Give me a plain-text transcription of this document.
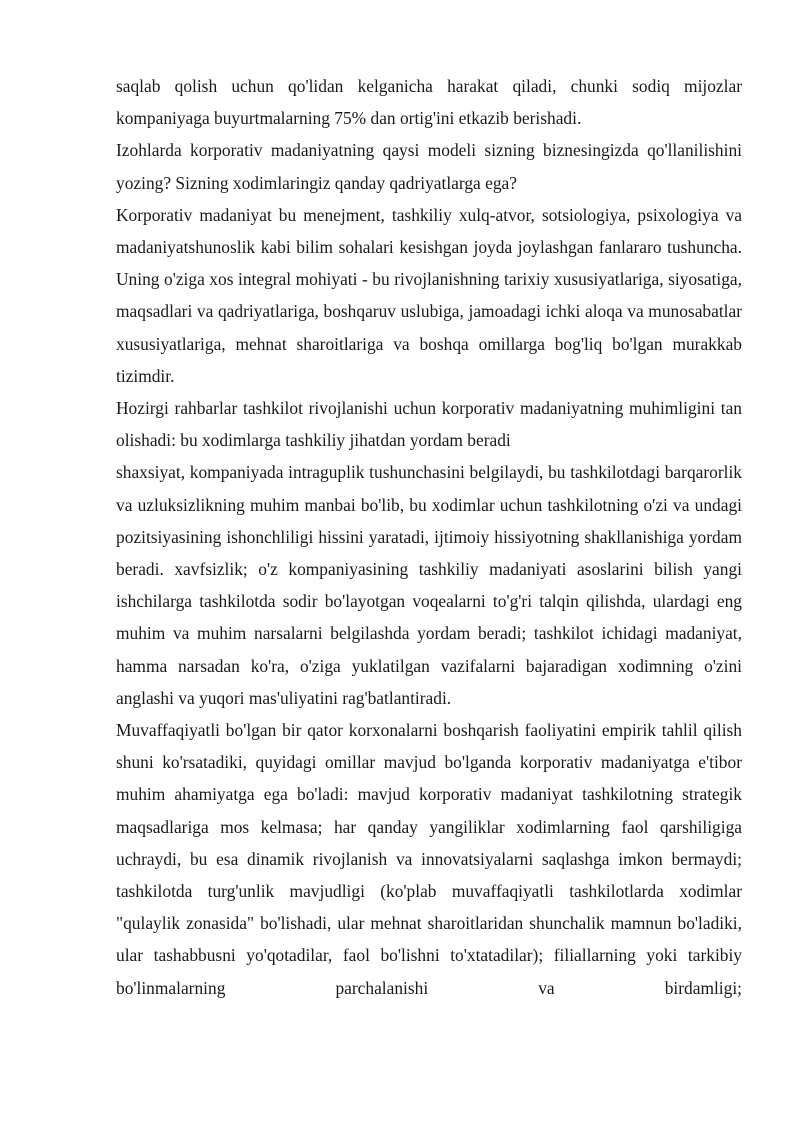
saqlab qolish uchun qo'lidan kelganicha harakat qiladi, chunki sodiq mijozlar kompaniyaga buyurtmalarning 75% dan ortig'ini etkazib berishadi.

Izohlarda korporativ madaniyatning qaysi modeli sizning biznesingizda qo'llanilishini yozing? Sizning xodimlaringiz qanday qadriyatlarga ega?

Korporativ madaniyat bu menejment, tashkiliy xulq-atvor, sotsiologiya, psixologiya va madaniyatshunoslik kabi bilim sohalari kesishgan joyda joylashgan fanlararo tushuncha. Uning o'ziga xos integral mohiyati - bu rivojlanishning tarixiy xususiyatlariga, siyosatiga, maqsadlari va qadriyatlariga, boshqaruv uslubiga, jamoadagi ichki aloqa va munosabatlar xususiyatlariga, mehnat sharoitlariga va boshqa omillarga bog'liq bo'lgan murakkab tizimdir.

Hozirgi rahbarlar tashkilot rivojlanishi uchun korporativ madaniyatning muhimligini tan olishadi: bu xodimlarga tashkiliy jihatdan yordam beradi

shaxsiyat, kompaniyada intraguplik tushunchasini belgilaydi, bu tashkilotdagi barqarorlik va uzluksizlikning muhim manbai bo'lib, bu xodimlar uchun tashkilotning o'zi va undagi pozitsiyasining ishonchliligi hissini yaratadi, ijtimoiy hissiyotning shakllanishiga yordam beradi. xavfsizlik; o'z kompaniyasining tashkiliy madaniyati asoslarini bilish yangi ishchilarga tashkilotda sodir bo'layotgan voqealarni to'g'ri talqin qilishda, ulardagi eng muhim va muhim narsalarni belgilashda yordam beradi; tashkilot ichidagi madaniyat, hamma narsadan ko'ra, o'ziga yuklatilgan vazifalarni bajaradigan xodimning o'zini anglashi va yuqori mas'uliyatini rag'batlantiradi.

Muvaffaqiyatli bo'lgan bir qator korxonalarni boshqarish faoliyatini empirik tahlil qilish shuni ko'rsatadiki, quyidagi omillar mavjud bo'lganda korporativ madaniyatga e'tibor muhim ahamiyatga ega bo'ladi: mavjud korporativ madaniyat tashkilotning strategik maqsadlariga mos kelmasa; har qanday yangiliklar xodimlarning faol qarshiligiga uchraydi, bu esa dinamik rivojlanish va innovatsiyalarni saqlashga imkon bermaydi; tashkilotda turg'unlik mavjudligi (ko'plab muvaffaqiyatli tashkilotlarda xodimlar "qulaylik zonasida" bo'lishadi, ular mehnat sharoitlaridan shunchalik mamnun bo'ladiki, ular tashabbusni yo'qotadilar, faol bo'lishni to'xtatadilar); filiallarning yoki tarkibiy bo'linmalarning parchalanishi va birdamligi;
